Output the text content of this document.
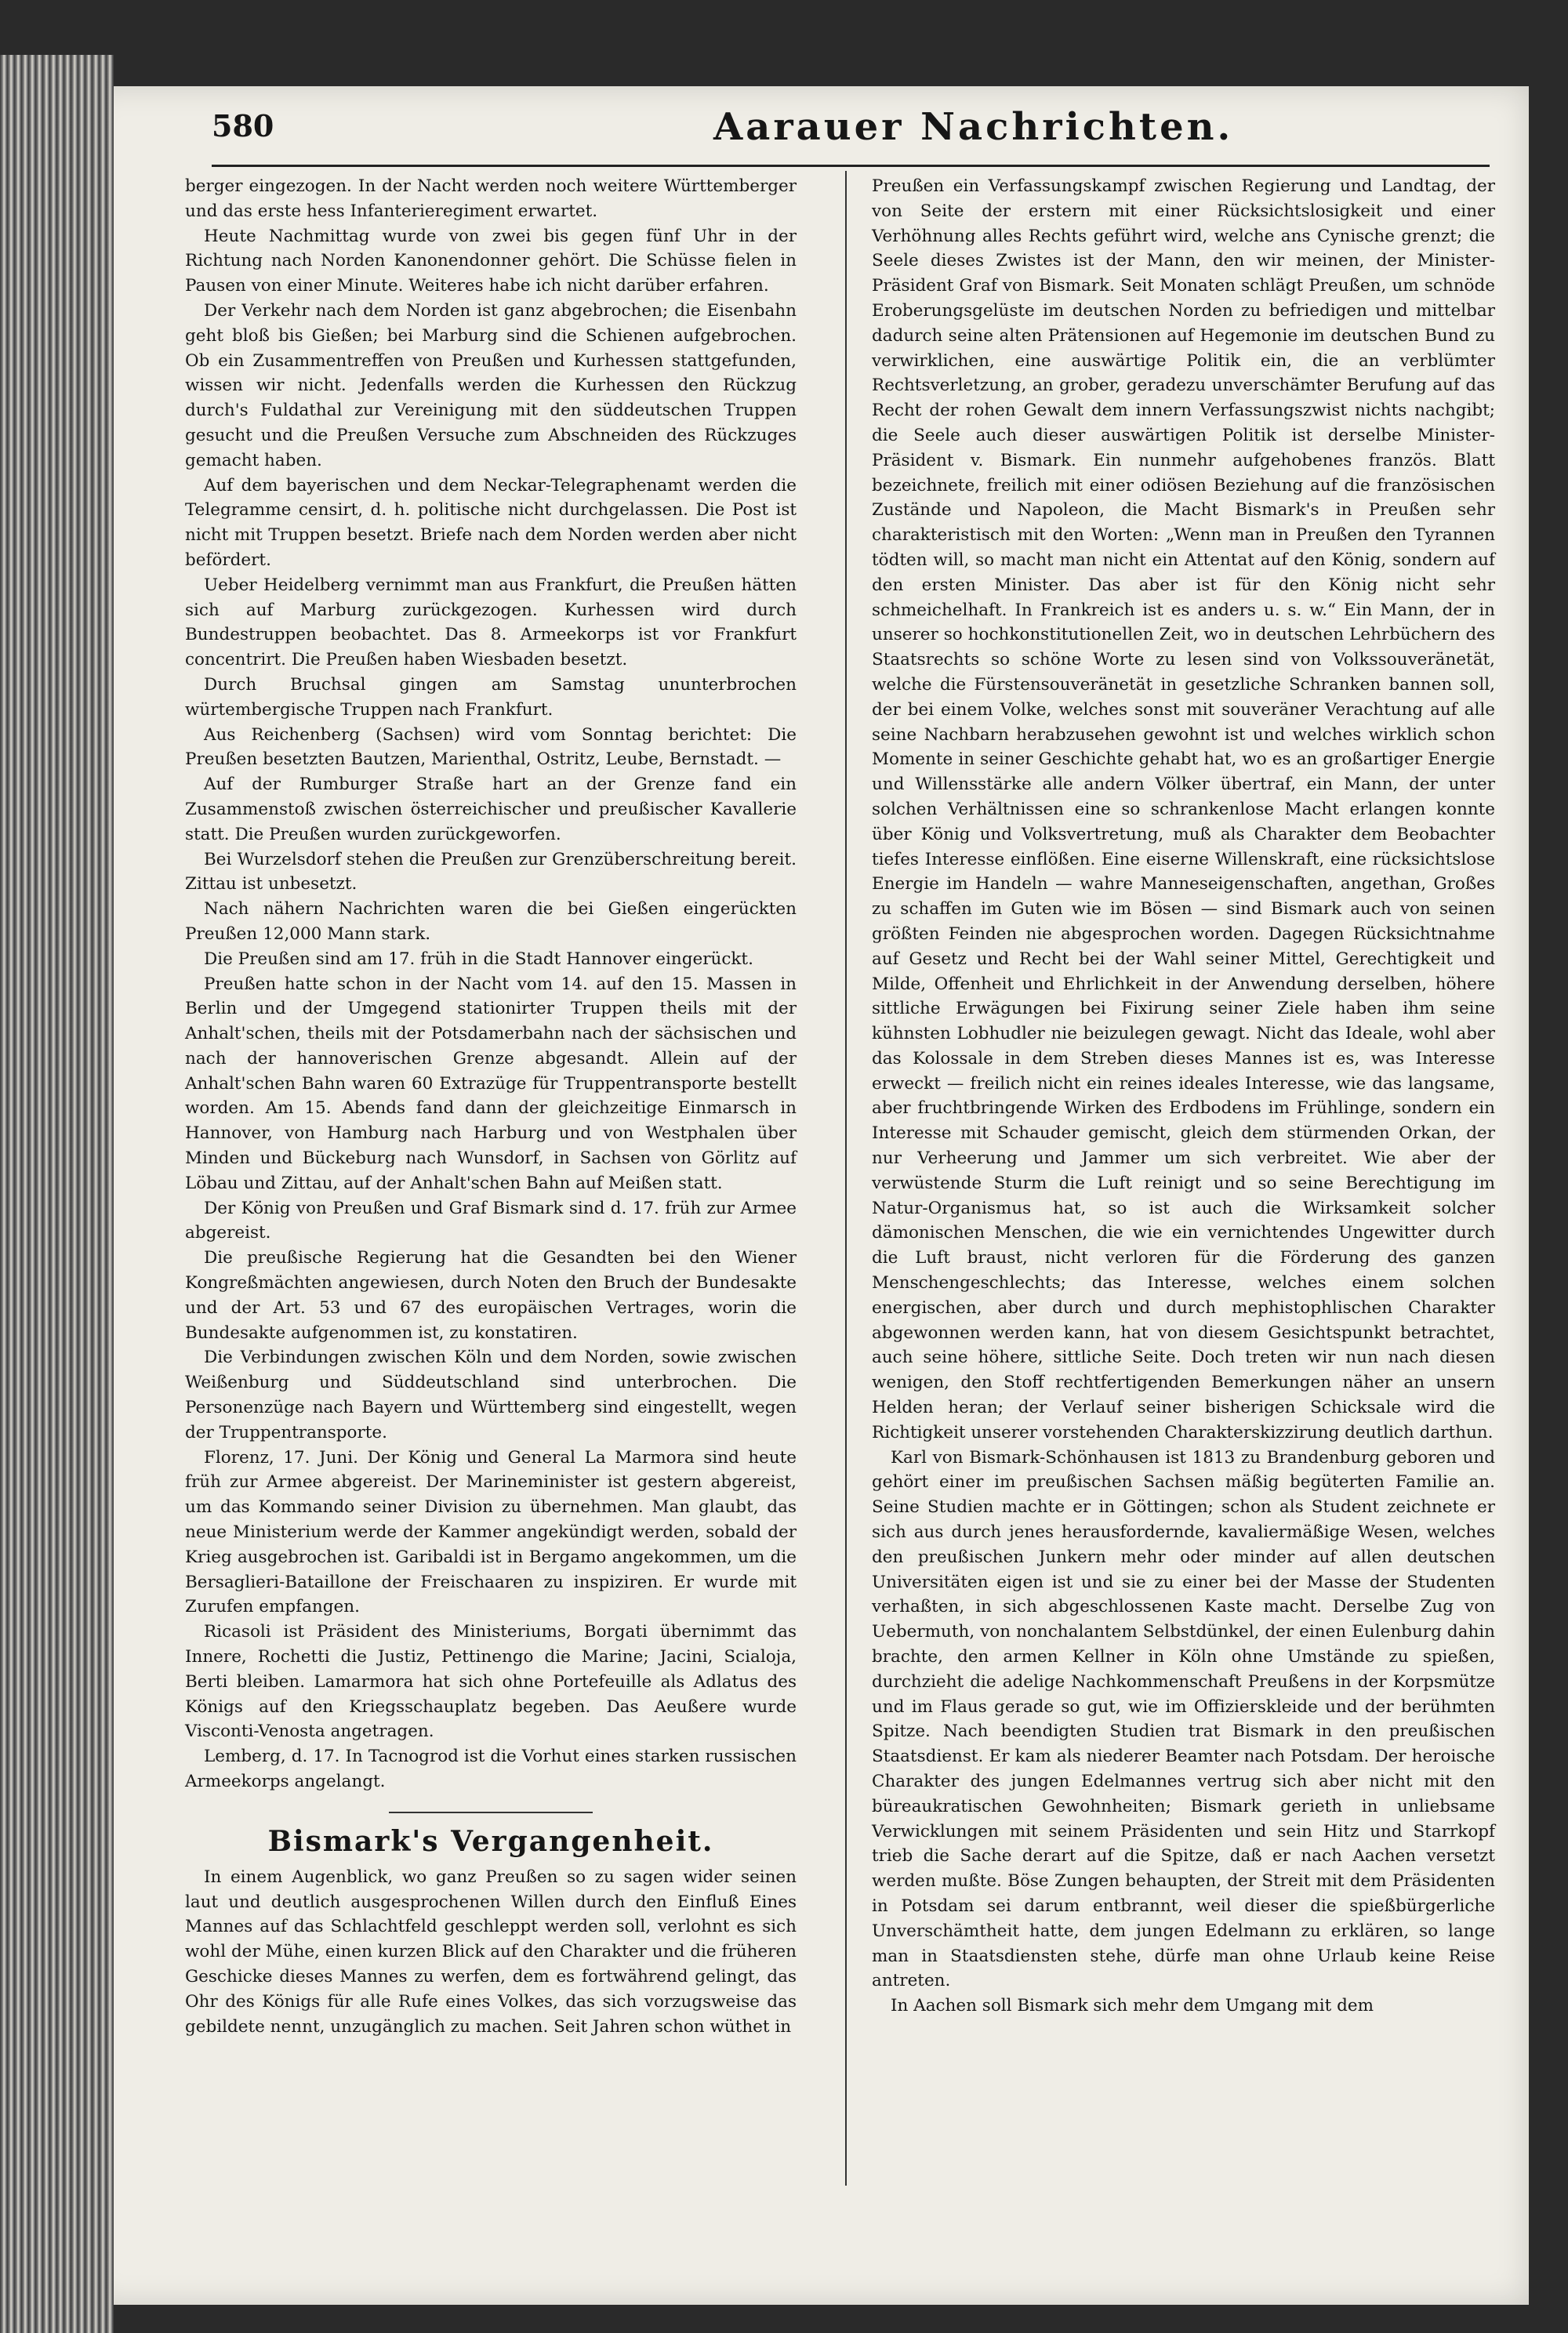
580	Aarauer Nachrichten.

berger eingezogen. In der Nacht werden noch weitere Württemberger und das erste hess Infanterieregiment erwartet.

Heute Nachmittag wurde von zwei bis gegen fünf Uhr in der Richtung nach Norden Kanonendonner gehört. Die Schüsse fielen in Pausen von einer Minute. Weiteres habe ich nicht darüber erfahren.

Der Verkehr nach dem Norden ist ganz abgebrochen; die Eisenbahn geht bloß bis Gießen; bei Marburg sind die Schienen aufgebrochen. Ob ein Zusammentreffen von Preußen und Kurhessen stattgefunden, wissen wir nicht. Jedenfalls werden die Kurhessen den Rückzug durch's Fuldathal zur Vereinigung mit den süddeutschen Truppen gesucht und die Preußen Versuche zum Abschneiden des Rückzuges gemacht haben.

Auf dem bayerischen und dem Neckar-Telegraphenamt werden die Telegramme censirt, d. h. politische nicht durchgelassen. Die Post ist nicht mit Truppen besetzt. Briefe nach dem Norden werden aber nicht befördert.

Ueber Heidelberg vernimmt man aus Frankfurt, die Preußen hätten sich auf Marburg zurückgezogen. Kurhessen wird durch Bundestruppen beobachtet. Das 8. Armeekorps ist vor Frankfurt concentrirt. Die Preußen haben Wiesbaden besetzt.

Durch Bruchsal gingen am Samstag ununterbrochen würtembergische Truppen nach Frankfurt.

Aus Reichenberg (Sachsen) wird vom Sonntag berichtet: Die Preußen besetzten Bautzen, Marienthal, Ostritz, Leube, Bernstadt. —

Auf der Rumburger Straße hart an der Grenze fand ein Zusammenstoß zwischen österreichischer und preußischer Kavallerie statt. Die Preußen wurden zurückgeworfen.

Bei Wurzelsdorf stehen die Preußen zur Grenzüberschreitung bereit. Zittau ist unbesetzt.

Nach nähern Nachrichten waren die bei Gießen eingerückten Preußen 12,000 Mann stark.

Die Preußen sind am 17. früh in die Stadt Hannover eingerückt.

Preußen hatte schon in der Nacht vom 14. auf den 15. Massen in Berlin und der Umgegend stationirter Truppen theils mit der Anhalt'schen, theils mit der Potsdamerbahn nach der sächsischen und nach der hannoverischen Grenze abgesandt. Allein auf der Anhalt'schen Bahn waren 60 Extrazüge für Truppentransporte bestellt worden. Am 15. Abends fand dann der gleichzeitige Einmarsch in Hannover, von Hamburg nach Harburg und von Westphalen über Minden und Bückeburg nach Wunsdorf, in Sachsen von Görlitz auf Löbau und Zittau, auf der Anhalt'schen Bahn auf Meißen statt.

Der König von Preußen und Graf Bismark sind d. 17. früh zur Armee abgereist.

Die preußische Regierung hat die Gesandten bei den Wiener Kongreßmächten angewiesen, durch Noten den Bruch der Bundesakte und der Art. 53 und 67 des europäischen Vertrages, worin die Bundesakte aufgenommen ist, zu konstatiren.

Die Verbindungen zwischen Köln und dem Norden, sowie zwischen Weißenburg und Süddeutschland sind unterbrochen. Die Personenzüge nach Bayern und Württemberg sind eingestellt, wegen der Truppentransporte.

Florenz, 17. Juni. Der König und General La Marmora sind heute früh zur Armee abgereist. Der Marineminister ist gestern abgereist, um das Kommando seiner Division zu übernehmen. Man glaubt, das neue Ministerium werde der Kammer angekündigt werden, sobald der Krieg ausgebrochen ist. Garibaldi ist in Bergamo angekommen, um die Bersaglieri-Bataillone der Freischaaren zu inspiziren. Er wurde mit Zurufen empfangen.

Ricasoli ist Präsident des Ministeriums, Borgati übernimmt das Innere, Rochetti die Justiz, Pettinengo die Marine; Jacini, Scialoja, Berti bleiben. Lamarmora hat sich ohne Portefeuille als Adlatus des Königs auf den Kriegsschauplatz begeben. Das Aeußere wurde Visconti-Venosta angetragen.

Lemberg, d. 17. In Tacnogrod ist die Vorhut eines starken russischen Armeekorps angelangt.

Bismark's Vergangenheit.

In einem Augenblick, wo ganz Preußen so zu sagen wider seinen laut und deutlich ausgesprochenen Willen durch den Einfluß Eines Mannes auf das Schlachtfeld geschleppt werden soll, verlohnt es sich wohl der Mühe, einen kurzen Blick auf den Charakter und die früheren Geschicke dieses Mannes zu werfen, dem es fortwährend gelingt, das Ohr des Königs für alle Rufe eines Volkes, das sich vorzugsweise das gebildete nennt, unzugänglich zu machen. Seit Jahren schon wüthet in

Preußen ein Verfassungskampf zwischen Regierung und Landtag, der von Seite der erstern mit einer Rücksichtslosigkeit und einer Verhöhnung alles Rechts geführt wird, welche ans Cynische grenzt; die Seele dieses Zwistes ist der Mann, den wir meinen, der Minister-Präsident Graf von Bismark. Seit Monaten schlägt Preußen, um schnöde Eroberungsgelüste im deutschen Norden zu befriedigen und mittelbar dadurch seine alten Prätensionen auf Hegemonie im deutschen Bund zu verwirklichen, eine auswärtige Politik ein, die an verblümter Rechtsverletzung, an grober, geradezu unverschämter Berufung auf das Recht der rohen Gewalt dem innern Verfassungszwist nichts nachgibt; die Seele auch dieser auswärtigen Politik ist derselbe Minister-Präsident v. Bismark. Ein nunmehr aufgehobenes französ. Blatt bezeichnete, freilich mit einer odiösen Beziehung auf die französischen Zustände und Napoleon, die Macht Bismark's in Preußen sehr charakteristisch mit den Worten: „Wenn man in Preußen den Tyrannen tödten will, so macht man nicht ein Attentat auf den König, sondern auf den ersten Minister. Das aber ist für den König nicht sehr schmeichelhaft. In Frankreich ist es anders u. s. w.“ Ein Mann, der in unserer so hochkonstitutionellen Zeit, wo in deutschen Lehrbüchern des Staatsrechts so schöne Worte zu lesen sind von Volkssouveränetät, welche die Fürstensouveränetät in gesetzliche Schranken bannen soll, der bei einem Volke, welches sonst mit souveräner Verachtung auf alle seine Nachbarn herabzusehen gewohnt ist und welches wirklich schon Momente in seiner Geschichte gehabt hat, wo es an großartiger Energie und Willensstärke alle andern Völker übertraf, ein Mann, der unter solchen Verhältnissen eine so schrankenlose Macht erlangen konnte über König und Volksvertretung, muß als Charakter dem Beobachter tiefes Interesse einflößen. Eine eiserne Willenskraft, eine rücksichtslose Energie im Handeln — wahre Manneseigenschaften, angethan, Großes zu schaffen im Guten wie im Bösen — sind Bismark auch von seinen größten Feinden nie abgesprochen worden. Dagegen Rücksichtnahme auf Gesetz und Recht bei der Wahl seiner Mittel, Gerechtigkeit und Milde, Offenheit und Ehrlichkeit in der Anwendung derselben, höhere sittliche Erwägungen bei Fixirung seiner Ziele haben ihm seine kühnsten Lobhudler nie beizulegen gewagt. Nicht das Ideale, wohl aber das Kolossale in dem Streben dieses Mannes ist es, was Interesse erweckt — freilich nicht ein reines ideales Interesse, wie das langsame, aber fruchtbringende Wirken des Erdbodens im Frühlinge, sondern ein Interesse mit Schauder gemischt, gleich dem stürmenden Orkan, der nur Verheerung und Jammer um sich verbreitet. Wie aber der verwüstende Sturm die Luft reinigt und so seine Berechtigung im Natur-Organismus hat, so ist auch die Wirksamkeit solcher dämonischen Menschen, die wie ein vernichtendes Ungewitter durch die Luft braust, nicht verloren für die Förderung des ganzen Menschengeschlechts; das Interesse, welches einem solchen energischen, aber durch und durch mephistophlischen Charakter abgewonnen werden kann, hat von diesem Gesichtspunkt betrachtet, auch seine höhere, sittliche Seite. Doch treten wir nun nach diesen wenigen, den Stoff rechtfertigenden Bemerkungen näher an unsern Helden heran; der Verlauf seiner bisherigen Schicksale wird die Richtigkeit unserer vorstehenden Charakterskizzirung deutlich darthun.

Karl von Bismark-Schönhausen ist 1813 zu Brandenburg geboren und gehört einer im preußischen Sachsen mäßig begüterten Familie an. Seine Studien machte er in Göttingen; schon als Student zeichnete er sich aus durch jenes herausfordernde, kavaliermäßige Wesen, welches den preußischen Junkern mehr oder minder auf allen deutschen Universitäten eigen ist und sie zu einer bei der Masse der Studenten verhaßten, in sich abgeschlossenen Kaste macht. Derselbe Zug von Uebermuth, von nonchalantem Selbstdünkel, der einen Eulenburg dahin brachte, den armen Kellner in Köln ohne Umstände zu spießen, durchzieht die adelige Nachkommenschaft Preußens in der Korpsmütze und im Flaus gerade so gut, wie im Offizierskleide und der berühmten Spitze. Nach beendigten Studien trat Bismark in den preußischen Staatsdienst. Er kam als niederer Beamter nach Potsdam. Der heroische Charakter des jungen Edelmannes vertrug sich aber nicht mit den büreaukratischen Gewohnheiten; Bismark gerieth in unliebsame Verwicklungen mit seinem Präsidenten und sein Hitz und Starrkopf trieb die Sache derart auf die Spitze, daß er nach Aachen versetzt werden mußte. Böse Zungen behaupten, der Streit mit dem Präsidenten in Potsdam sei darum entbrannt, weil dieser die spießbürgerliche Unverschämtheit hatte, dem jungen Edelmann zu erklären, so lange man in Staatsdiensten stehe, dürfe man ohne Urlaub keine Reise antreten.

In Aachen soll Bismark sich mehr dem Umgang mit dem
